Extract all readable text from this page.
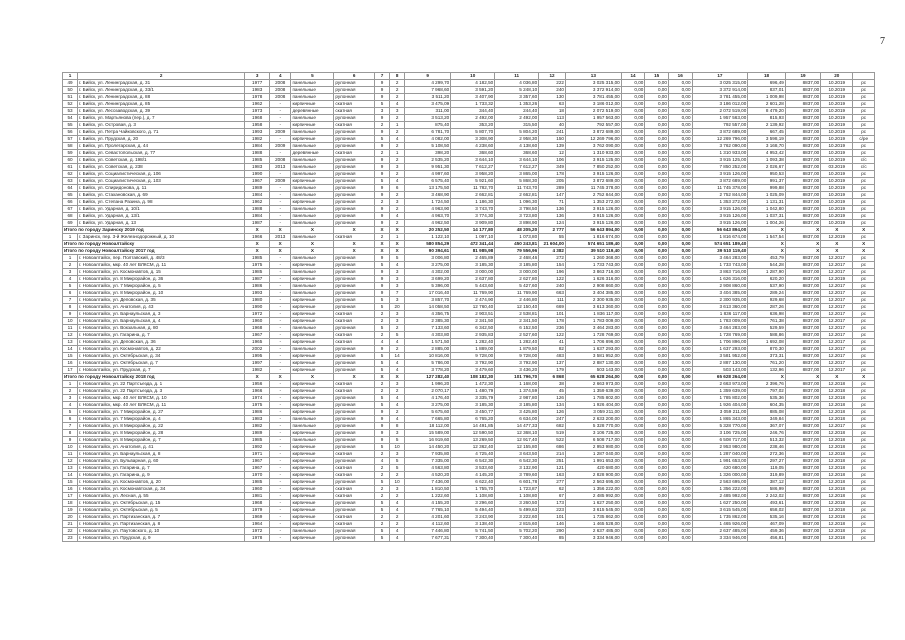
7
1	2	3	4	5	6	7	8	9	10	11	12	13	14	15	16	17	18	19	20	
49	г. Бийск, ул. Ленинградская, д. 31	1977	2008	панельные	рулонная	9	2	4 299,70	4 182,50	4 036,80	222	3 025 315,00	0,00	0,00	0,00	3 025 315,00	696,49	8837,00	10.2019	рс
50	г. Бийск, ул. Ленинградская, д. 33/1	1983	2008	панельные	рулонная	9	2	7 968,60	3 591,20	5 248,10	240	3 372 914,00	0,00	0,00	0,00	3 372 914,00	837,01	8837,00	10.2019	рс
51	г. Бийск, ул. Ленинградская, д. 88	1978	2008	панельные	рулонная	9	2	3 511,20	3 407,90	3 357,60	130	3 781 455,00	0,00	0,00	0,00	3 781 455,00	1 009,98	8837,00	10.2019	рс
52	г. Бийск, ул. Ленинградская, д. 85	1962	-	кирпичные	скатная	5	4	3 475,09	1 733,32	1 353,26	63	3 186 012,00	0,00	0,00	0,00	3 186 012,00	2 601,28	8837,00	10.2019	рс
53	г. Бийск, ул. Лесозаводская, д. 39	1973	-	деревянные	скатная	3	3	311,00	344,40	244,40	18	2 072 519,00	0,00	0,00	0,00	2 072 519,00	8 479,20	8837,00	10.2019	рс
54	г. Бийск, ул. Мартьянова (пер.), д. 7	1968	-	панельные	рулонная	9	2	3 513,20	2 492,00	2 492,00	113	1 957 563,00	0,00	0,00	0,00	1 957 563,00	815,93	8837,00	10.2019	рс
55	г. Бийск, ул. Островая, д. 3	1958	-	кирпичные	скатная	2	1	875,40	353,20	315,50	40	792 557,00	0,00	0,00	0,00	792 557,00	2 139,92	8837,00	10.2019	рс
56	г. Бийск, ул. Петра Чайковского, д. 71	1993	2009	панельные	рулонная	9	2	6 781,70	5 807,70	5 804,20	241	3 872 689,00	0,00	0,00	0,00	3 872 689,00	667,45	8837,00	10.2019	рс
57	г. Бийск, ул. Прудская, д. 20	1982	-	кирпичные	рулонная	5	4	4 082,00	3 308,90	2 958,30	150	12 269 796,00	0,00	0,00	0,00	12 269 796,00	3 598,19	8837,00	10.2019	с/ре
58	г. Бийск, ул. Пролетарская, д. 44	1984	2009	панельные	рулонная	9	2	5 108,50	4 238,60	4 138,60	139	3 762 090,00	0,00	0,00	0,00	3 762 090,00	3 168,70	8837,00	10.2019	рс
59	г. Бийск, ул. Севастопольская, д. 77	1988	-	деревянные	скатная	2	1	398,20	368,60	368,60	12	1 310 933,00	0,00	0,00	0,00	1 310 933,00	4 953,42	8837,00	10.2019	рс
60	г. Бийск, ул. Советская, д. 198/1	1985	2008	панельные	рулонная	9	2	2 535,20	3 644,10	3 644,10	106	3 915 125,00	0,00	0,00	0,00	3 915 125,00	1 093,38	8837,00	10.2019	с/с
61	г. Бийск, ул. Советская, д. 238	1983	2013	панельные	рулонная	9	3	9 951,30	7 612,27	7 612,27	349	7 850 252,00	0,00	0,00	0,00	7 850 252,00	2 026,67	8837,00	03.2019	с/с
62	г. Бийск, ул. Социалистическая, д. 106	1990	-	панельные	рулонная	9	2	4 997,60	3 958,20	3 865,00	178	3 915 126,00	0,00	0,00	0,00	3 915 126,00	950,53	8837,00	10.2019	рс
63	г. Бийск, ул. Социалистическая, д. 103	1967	2009	кирпичные	рулонная	5	4	6 575,40	5 921,60	5 868,30	205	3 872 689,00	0,00	0,00	0,00	3 872 689,00	991,37	8837,00	10.2019	рс
64	г. Бийск, ул. Спиридонова, д. 11	1989	-	панельные	рулонная	9	6	13 175,50	11 782,70	11 743,70	289	11 745 378,00	0,00	0,00	0,00	11 745 378,00	999,88	8837,00	10.2019	рс
65	г. Бийск, ул. Стахановская, д. 69	1984	-	панельные	рулонная	9	2	3 468,90	2 662,81	2 662,81	147	2 752 844,00	0,00	0,00	0,00	2 752 844,00	1 025,09	8837,00	10.2019	рс
66	г. Бийск, ул. Степана Разина, д. 98	1962	-	кирпичные	рулонная	2	3	1 724,50	1 186,30	1 096,30	71	1 353 272,00	0,00	0,00	0,00	1 353 272,00	1 131,31	8837,00	10.2019	рс
67	г. Бийск, ул. Ударная, д. 10/1	1988	-	панельные	рулонная	9	2	4 963,90	3 743,70	3 798,50	136	3 915 126,00	0,00	0,00	0,00	3 915 126,00	1 042,80	8837,00	10.2019	рс
68	г. Бийск, ул. Ударная, д. 13/1	1984	-	панельные	рулонная	9	4	4 963,70	3 774,30	3 723,80	136	3 915 126,00	0,00	0,00	0,00	3 915 126,00	1 037,31	8837,00	10.2019	рс
69	г. Бийск, ул. Ударная, д. 13	1987	-	панельные	рулонная	9	2	4 962,50	3 909,80	3 898,90	124	3 915 126,00	0,00	0,00	0,00	3 915 126,00	1 004,26	8837,00	10.2019	рс
Итого по городу Заринску 2019 год		X	X	X	X	X	X	20 252,50	14 177,80	48 205,20	2 777	56 643 894,00	0,00	0,00	0,00	56 643 894,00	X	X	X	X
1	г. Заринск, пер. 3-й Железнодорожный, д. 10	1966	2013	панельные	скатная	2	1	1 122,10	1 097,10	1 073,80	55	1 816 674,00	0,00	0,00	0,00	1 816 674,00	1 547,54	8837,00	12.2019	рс
Итого по городу Новоалтайску		X	X	X	X	X	X	580 854,29	472 341,44	450 243,81	21 604,00	574 651 189,40	0,00	0,00	0,00	574 651 189,40	X	X	X	X
Итого по городу Новоалтайску 2017 год		X	X	X	X	X	X	90 394,61	81 985,98	79 556,96	4 382	39 510 119,40	0,00	0,00	0,00	39 510 119,40	X	X	X	X
1	г. Новоалтайск, пер. Полтавский, д. 48/3	1985	-	панельные	рулонная	9	5	3 006,80	2 465,89	2 468,46	272	1 260 368,00	0,00	0,00	0,00	3 464 283,00	453,79	8837,00	12.2017	рс
2	г. Новоалтайск, мкр. 40 лет ВЛКСМ, д. 11	1975	-	кирпичные	рулонная	5	4	3 275,00	3 185,30	3 185,80	154	1 733 743,00	0,00	0,00	0,00	1 733 743,00	544,28	8837,00	12.2017	рс
3	г. Новоалтайск, ул. Космонавтов, д. 15	1985	-	панельные	рулонная	9	3	4 302,00	3 000,00	3 000,00	196	3 863 716,00	0,00	0,00	0,00	3 863 716,00	1 287,90	8837,00	12.2017	рс
4	г. Новоалтайск, ул. 8 Микрорайон, д. 36	1987	-	кирпичные	рулонная	9	3	3 699,20	2 637,80	2 627,80	122	1 626 316,00	0,00	0,00	0,00	1 626 316,00	620,20	8837,00	12.2019	рс
5	г. Новоалтайск, ул. 7 Микрорайон, д. 5	1986	-	панельные	рулонная	9	3	5 396,00	5 443,60	5 427,60	240	2 908 860,00	0,00	0,00	0,00	2 908 860,00	537,90	8837,00	12.2017	рс
6	г. Новоалтайск, ул. 8 Микрорайон, д. 10	1993	-	панельные	рулонная	9	7	17 016,40	11 769,90	11 769,90	663	3 404 385,00	0,00	0,00	0,00	3 404 385,00	289,24	8837,00	12.2017	рс
7	г. Новоалтайск, ул. Деповская, д. 35	1980	-	кирпичные	рулонная	5	3	3 857,70	2 474,90	2 446,80	111	2 300 935,00	0,00	0,00	0,00	2 300 935,00	929,68	8837,00	12.2017	рс
8	г. Новоалтайск, ул. Анатолия, д. 43	1990	-	кирпичные	рулонная	5	20	14 058,50	12 760,40	12 150,40	669	3 613 360,00	0,00	0,00	0,00	3 613 360,00	287,26	8837,00	12.2017	рс
9	г. Новоалтайск, ул. Барнаульская, д. 3	1972	-	кирпичные	скатная	2	3	4 356,75	2 903,51	2 538,81	101	1 836 117,00	0,00	0,00	0,00	1 836 117,00	636,98	8837,00	12.2017	рс
10	г. Новоалтайск, ул. Барнаульская, д. 4	1960	-	кирпичные	скатная	2	3	2 385,30	2 341,50	2 341,50	178	1 783 009,00	0,00	0,00	0,00	1 783 009,00	761,38	8837,00	12.2017	рс
11	г. Новоалтайск, ул. Вокзальная, д. 80	1968	-	панельные	рулонная	5	2	7 133,60	6 342,50	6 152,50	236	3 464 283,00	0,00	0,00	0,00	3 464 283,00	529,59	8837,00	12.2017	рс
12	г. Новоалтайск, ул. Гагарина, д. 7	1967	-	кирпичные	скатная	2	5	4 303,80	2 935,83	2 527,60	122	1 728 769,00	0,00	0,00	0,00	1 728 769,00	588,86	8837,00	12.2017	рс
13	г. Новоалтайск, ул. Деповская, д. 36	1965	-	кирпичные	скатная	4	4	1 571,50	1 282,40	1 282,40	41	1 706 896,00	0,00	0,00	0,00	1 706 896,00	1 692,08	8837,00	12.2017	рс
14	г. Новоалтайск, ул. Космонавтов, д. 22	2002	-	панельные	рулонная	9	2	2 885,00	1 889,00	1 879,50	82	1 637 293,00	0,00	0,00	0,00	1 637 293,00	870,30	8837,00	12.2017	рс
15	г. Новоалтайск, ул. Октябрьская, д. 34	1995	-	кирпичные	рулонная	5	14	10 816,00	9 728,00	9 728,00	483	3 581 952,00	0,00	0,00	0,00	3 581 952,00	373,31	8837,00	12.2017	рс
16	г. Новоалтайск, ул. Октябрьская, д. 7	1997	-	кирпичные	рулонная	5	4	5 786,00	3 792,90	3 792,90	137	2 887 130,00	0,00	0,00	0,00	2 887 130,00	761,20	8837,00	12.2017	рс
17	г. Новоалтайск, ул. Прудская, д. 7	1982	-	кирпичные	рулонная	5	4	3 778,20	3 479,60	3 436,20	179	503 143,00	0,00	0,00	0,00	503 143,00	132,96	8837,00	12.2017	рс
Итого по городу Новоалтайску 2018 год		X	X	X	X	X	X	127 282,40	108 182,30	101 796,70	6 868	65 628 264,00	0,00	0,00	0,00	65 628 264,00	X	X	X	X
1	г. Новоалтайск, ул. 22 Партсъезда, д. 1	1956	-	кирпичные	скатная	2	3	1 996,20	1 472,30	1 168,00	38	2 663 973,00	0,00	0,00	0,00	2 663 973,00	2 396,76	8837,00	12.2018	рс
2	г. Новоалтайск, ул. 22 Партсъезда, д. 3	1966	-	кирпичные	скатная	2	2	2 070,17	1 480,79	1 374,59	45	1 359 639,00	0,00	0,00	0,00	1 359 639,00	797,02	8837,00	12.2018	рс
3	г. Новоалтайск, мкр. 40 лет ВЛКСМ, д. 10	1974	-	кирпичные	рулонная	5	4	4 176,40	3 335,79	2 987,80	126	1 785 802,00	0,00	0,00	0,00	1 785 802,00	535,36	8837,00	12.2018	рс
4	г. Новоалтайск, мкр. 40 лет ВЛКСМ, д. 11	1975	-	кирпичные	рулонная	5	4	3 275,00	3 185,30	3 185,80	134	1 926 404,00	0,00	0,00	0,00	1 926 404,00	604,35	8837,00	12.2018	рс
5	г. Новоалтайск, ул. 7 Микрорайон, д. 27	1986	-	кирпичные	рулонная	9	2	5 675,60	3 450,77	3 425,80	126	3 059 211,00	0,00	0,00	0,00	3 059 211,00	885,08	8837,00	12.2018	рс
6	г. Новоалтайск, ул. 7 Микрорайон, д. 4	1983	-	панельные	рулонная	9	4	7 665,80	6 765,20	6 634,00	247	2 633 200,00	0,00	0,00	0,00	1 865 343,00	349,84	8837,00	12.2018	рс
7	г. Новоалтайск, ул. 8 Микрорайон, д. 22	1982	-	панельные	рулонная	9	8	18 112,00	14 491,85	14 477,33	682	5 328 770,00	0,00	0,00	0,00	5 328 770,00	367,07	8837,00	12.2017	рс
8	г. Новоалтайск, ул. 8 Микрорайон, д. 28	1989	-	кирпичные	рулонная	9	3	15 589,00	12 590,50	12 368,10	519	3 106 725,00	0,00	0,00	0,00	3 106 725,00	246,76	8837,00	12.2018	рс
9	г. Новоалтайск, ул. 8 Микрорайон, д. 7	1985	-	панельные	рулонная	9	5	16 919,60	13 269,50	12 917,40	522	6 508 717,00	0,00	0,00	0,00	6 508 717,00	513,32	8837,00	12.2018	рс
10	г. Новоалтайск, ул. Анатолия, д. 41	1992	-	кирпичные	рулонная	5	10	14 450,20	12 362,40	12 155,80	686	2 953 980,00	0,00	0,00	0,00	2 953 980,00	238,46	8837,00	12.2018	рс
11	г. Новоалтайск, ул. Барнаульская, д. 8	1971	-	кирпичные	скатная	2	3	7 935,80	4 725,40	3 643,50	214	1 287 040,00	0,00	0,00	0,00	1 287 040,00	272,36	8837,00	12.2018	рс
12	г. Новоалтайск, ул. Бульварная, д. 60	1967	-	кирпичные	рулонная	4	5	7 335,00	6 542,30	6 542,30	251	1 991 653,00	0,00	0,00	0,00	1 991 653,00	297,27	8837,00	12.2018	рс
13	г. Новоалтайск, ул. Гагарина, д. 7	1967	-	кирпичные	скатная	2	5	4 563,80	3 533,60	3 132,90	121	420 680,00	0,00	0,00	0,00	420 680,00	119,05	8837,00	12.2018	рс
14	г. Новоалтайск, ул. Гагарина, д. 9	1970	-	кирпичные	скатная	2	2	4 520,20	4 145,20	3 789,60	163	2 828 900,00	0,00	0,00	0,00	1 326 000,00	319,89	8837,00	12.2018	рс
15	г. Новоалтайск, ул. Космонавтов, д. 20	1985	-	кирпичные	рулонная	5	10	7 436,00	6 622,40	6 601,78	277	2 563 695,00	0,00	0,00	0,00	2 563 695,00	387,12	8837,00	12.2018	рс
16	г. Новоалтайск, ул. Космонавтская, д. 34	1960	-	кирпичные	скатная	2	3	1 810,50	1 755,70	1 723,87	62	1 356 222,00	0,00	0,00	0,00	1 356 222,00	586,99	8837,00	12.2018	рс
17	г. Новоалтайск, ул. Лесная, д. 55	1981	-	кирпичные	скатная	2	2	1 222,60	1 108,80	1 108,80	67	2 485 992,00	0,00	0,00	0,00	2 485 992,00	2 242,02	8837,00	12.2018	рс
18	г. Новоалтайск, ул. Октябрьская, д. 15	1968	-	кирпичные	рулонная	5	4	4 155,20	3 296,60	3 260,50	173	1 627 250,00	0,00	0,00	0,00	1 627 250,00	493,61	8837,00	12.2018	рс
19	г. Новоалтайск, ул. Октябрьская, д. 5	1979	-	кирпичные	рулонная	5	4	7 765,10	5 494,40	5 499,63	223	3 615 545,00	0,00	0,00	0,00	3 615 545,00	658,02	8837,00	12.2018	рс
20	г. Новоалтайск, ул. Партизанская, д. 7	1969	-	кирпичные	скатная	2	2	4 201,60	3 243,90	3 222,60	101	1 735 862,00	0,00	0,00	0,00	1 735 862,00	535,16	8837,00	12.2018	рс
21	г. Новоалтайск, ул. Партизанская, д. 8	1964	-	кирпичные	скатная	2	2	4 112,60	3 138,40	2 815,60	146	1 465 528,00	0,00	0,00	0,00	1 465 926,00	467,09	8837,00	12.2018	рс
22	г. Новоалтайск, ул. Паутовского, д. 10	1972	-	панельные	рулонная	5	4	7 446,80	5 741,50	5 702,20	290	2 637 485,00	0,00	0,00	0,00	2 637 485,00	459,36	8837,00	12.2018	рс
23	г. Новоалтайск, ул. Прудская, д. 9	1978	-	кирпичные	рулонная	5	4	7 677,31	7 300,40	7 300,40	85	3 334 946,00	0,00	0,00	0,00	3 334 946,00	456,81	8837,00	12.2018	рс
